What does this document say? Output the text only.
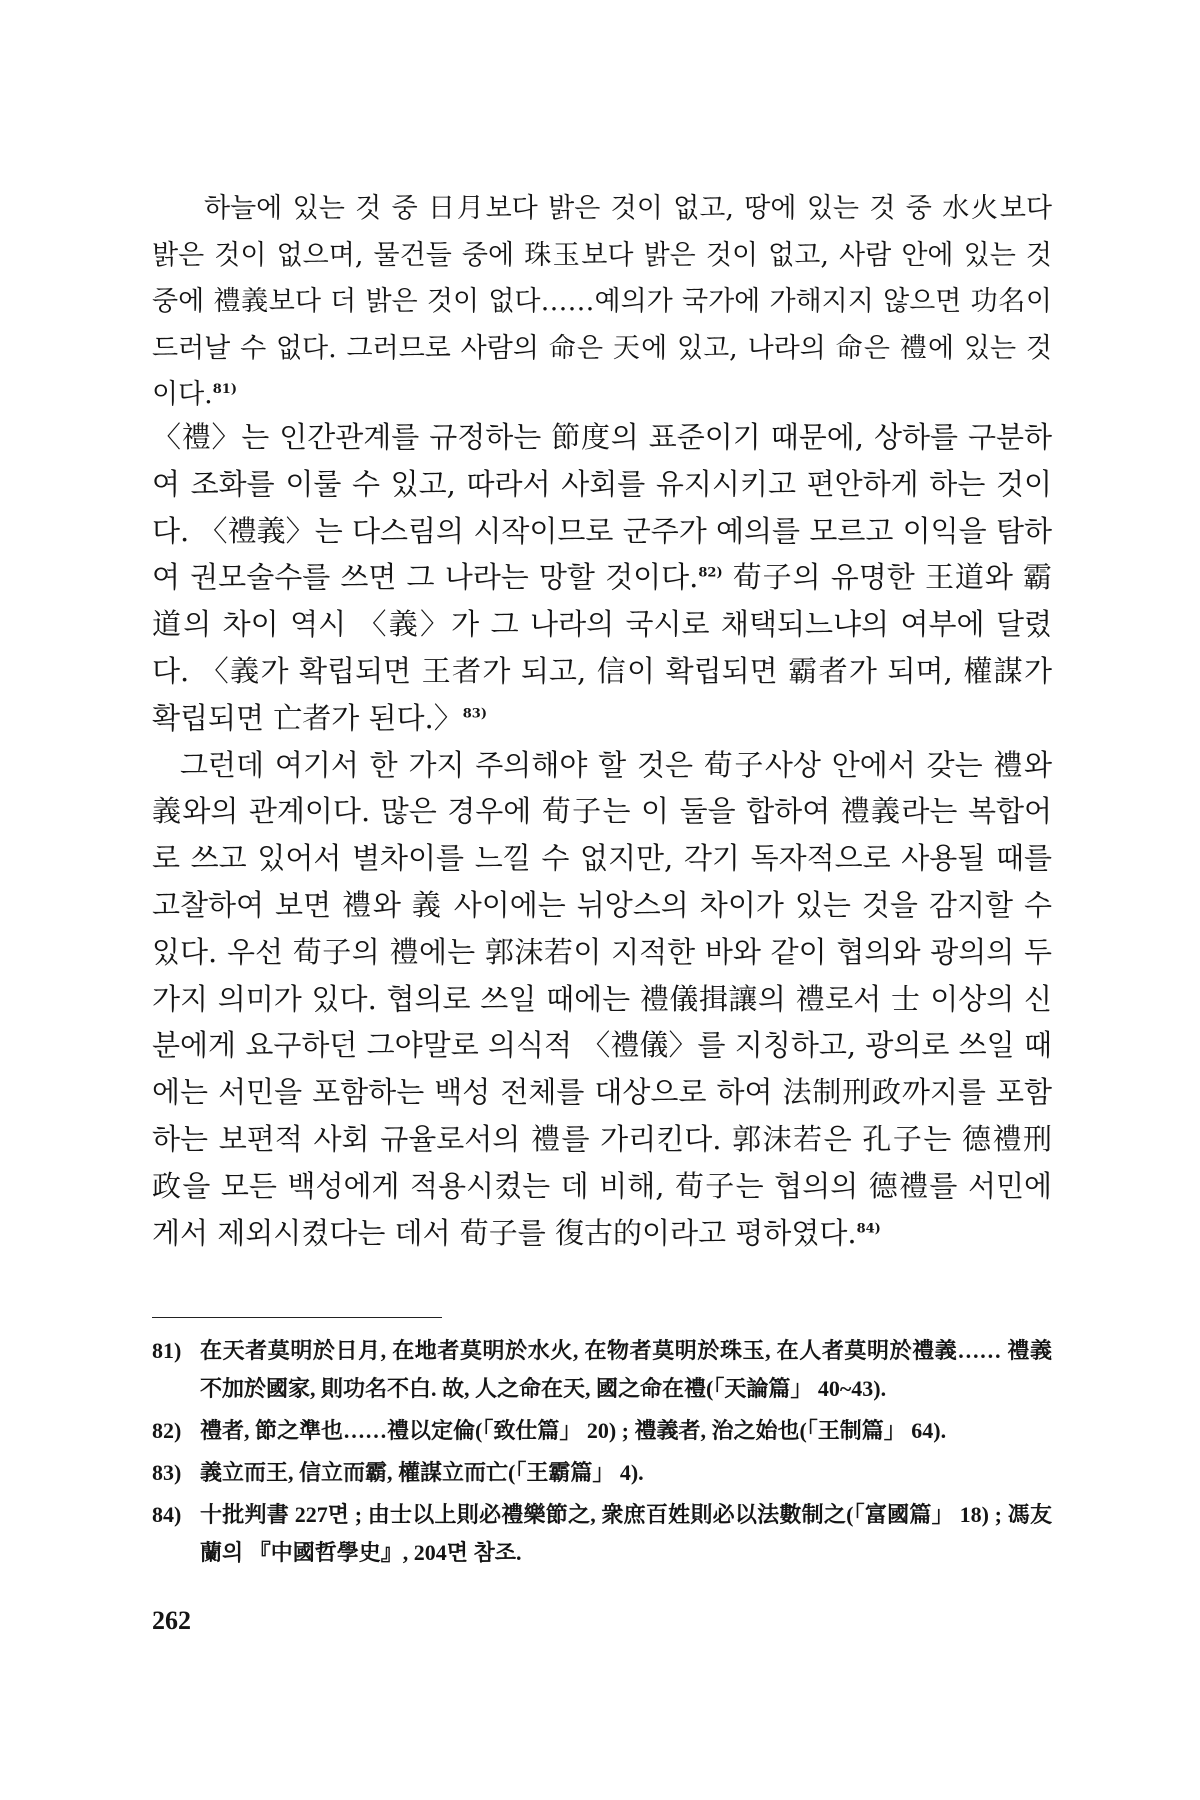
하늘에 있는 것 중 日月보다 밝은 것이 없고, 땅에 있는 것 중 水火보다 밝은 것이 없으며, 물건들 중에 珠玉보다 밝은 것이 없고, 사람 안에 있는 것 중에 禮義보다 더 밝은 것이 없다……예의가 국가에 가해지지 않으면 功名이 드러날 수 없다. 그러므로 사람의 命은 天에 있고, 나라의 命은 禮에 있는 것이다.$^{81)}$

〈禮〉는 인간관계를 규정하는 節度의 표준이기 때문에, 상하를 구분하여 조화를 이룰 수 있고, 따라서 사회를 유지시키고 편안하게 하는 것이다. 〈禮義〉는 다스림의 시작이므로 군주가 예의를 모르고 이익을 탐하여 권모술수를 쓰면 그 나라는 망할 것이다.$^{82)}$ 荀子의 유명한 王道와 霸道의 차이 역시 〈義〉가 그 나라의 국시로 채택되느냐의 여부에 달렸다. 〈義가 확립되면 王者가 되고, 信이 확립되면 霸者가 되며, 權謀가 확립되면 亡者가 된다.〉$^{83)}$

그런데 여기서 한 가지 주의해야 할 것은 荀子사상 안에서 갖는 禮와 義와의 관계이다. 많은 경우에 荀子는 이 둘을 합하여 禮義라는 복합어로 쓰고 있어서 별차이를 느낄 수 없지만, 각기 독자적으로 사용될 때를 고찰하여 보면 禮와 義 사이에는 뉘앙스의 차이가 있는 것을 감지할 수 있다. 우선 荀子의 禮에는 郭沫若이 지적한 바와 같이 협의와 광의의 두 가지 의미가 있다. 협의로 쓰일 때에는 禮儀揖讓의 禮로서 士 이상의 신분에게 요구하던 그야말로 의식적 〈禮儀〉를 지칭하고, 광의로 쓰일 때에는 서민을 포함하는 백성 전체를 대상으로 하여 法制刑政까지를 포함하는 보편적 사회 규율로서의 禮를 가리킨다. 郭沫若은 孔子는 德禮刑政을 모든 백성에게 적용시켰는 데 비해, 荀子는 협의의 德禮를 서민에게서 제외시켰다는 데서 荀子를 復古的이라고 평하였다.$^{84)}$

81) 在天者莫明於日月, 在地者莫明於水火, 在物者莫明於珠玉, 在人者莫明於禮義…… 禮義不加於國家, 則功名不白. 故, 人之命在天, 國之命在禮(「天論篇」 40~43).
82) 禮者, 節之準也……禮以定倫(「致仕篇」 20) ; 禮義者, 治之始也(「王制篇」 64).
83) 義立而王, 信立而霸, 權謀立而亡(「王霸篇」 4).
84) 十批判書 227면 ; 由士以上則必禮樂節之, 衆庶百姓則必以法數制之(「富國篇」 18) ; 馮友蘭의 『中國哲學史』, 204면 참조.
262
